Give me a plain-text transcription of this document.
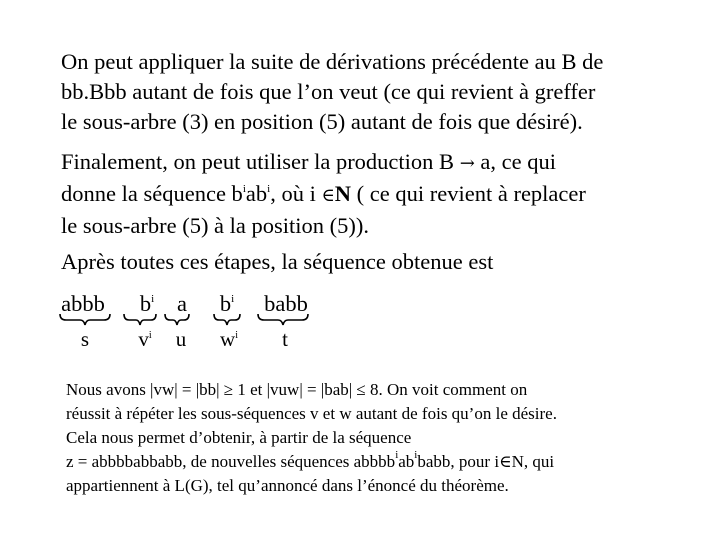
On peut appliquer la suite de dérivations précédente au B de
bb.Bbb autant de fois que l’on veut (ce qui revient à greffer
le sous-arbre (3) en position (5) autant de fois que désiré).

Finalement, on peut utiliser la production B → a, ce qui
donne la séquence $b^iab^i$, où i ∈N ( ce qui revient à replacer
le sous-arbre (5) à la position (5)).

Après toutes ces étapes, la séquence obtenue est

abbb	$b^i$	a	$b^i$	babb
s	$v^i$	u	$w^i$	t

Nous avons |vw| = |bb| ≥ 1 et |vuw| = |bab| ≤ 8. On voit comment on
réussit à répéter les sous-séquences v et w autant de fois qu’on le désire.
Cela nous permet d’obtenir, à partir de la séquence
z = abbbbabbabb, de nouvelles séquences $abbbb^iab^ibabb$, pour i∈N, qui
appartiennent à L(G), tel qu’annoncé dans l’énoncé du théorème.
